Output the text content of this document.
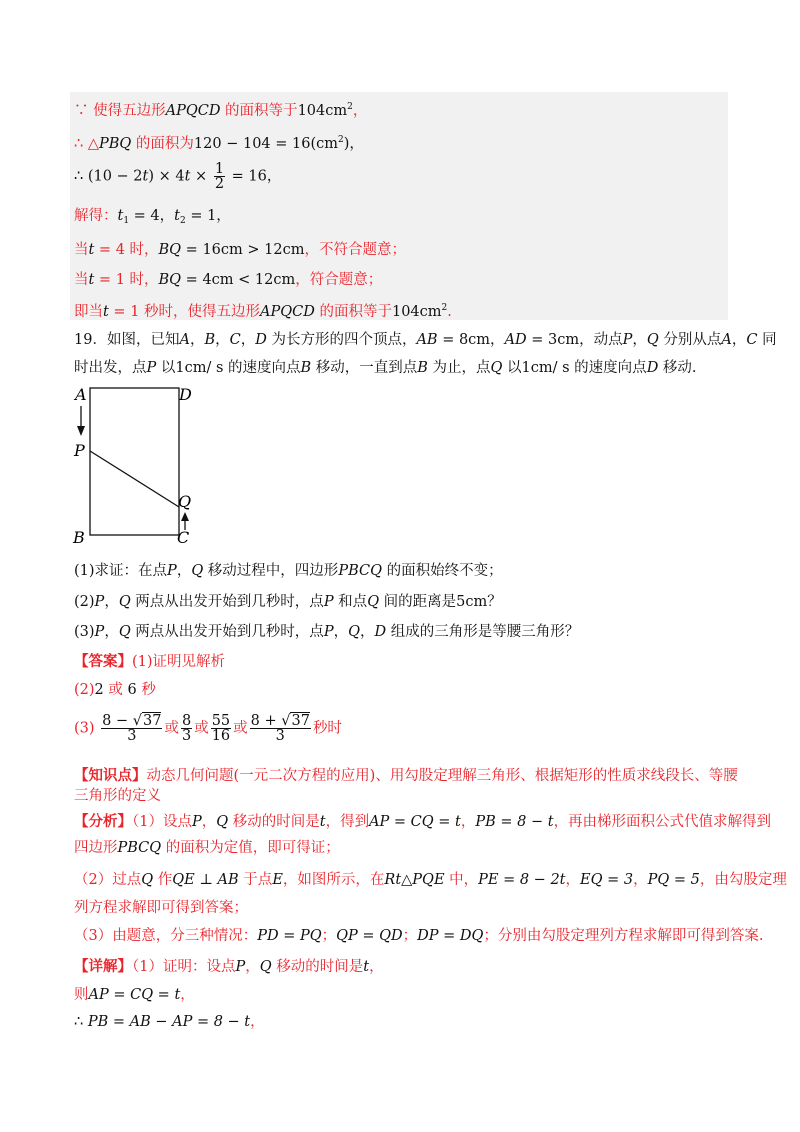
∵ 使得五边形APQCD 的面积等于$104cm^2$，
∴ △PBQ 的面积为$120 - 104 = 16(cm^2)$，
∴ $(10 - 2t) \times 4t \times \frac{1}{2} = 16$，
解得：$t_1 = 4$，$t_2 = 1$，
当t = 4 时，BQ = 16cm > 12cm，不符合题意；
当t = 1 时，BQ = 4cm < 12cm，符合题意；
即当t = 1 秒时，使得五边形APQCD 的面积等于$104cm^2$.
19．如图，已知A，B，C，D 为长方形的四个顶点，AB = 8cm，AD = 3cm，动点P，Q 分别从点A，C 同
时出发，点P 以1cm/ s 的速度向点B 移动，一直到点B 为止，点Q 以1cm/ s 的速度向点D 移动.
A	D
P
Q
B	C
(1)求证：在点P，Q 移动过程中，四边形PBCQ 的面积始终不变；
(2)P，Q 两点从出发开始到几秒时，点P 和点Q 间的距离是5cm？
(3)P，Q 两点从出发开始到几秒时，点P，Q，D 组成的三角形是等腰三角形？
【答案】(1)证明见解析
(2)2 或 6 秒
$(3) \frac{8 - √37}{3}$ 或 $\frac{8}{3}$ 或 $\frac{55}{16}$ 或 $\frac{8 + √37}{3}$ 秒时
【知识点】动态几何问题(一元二次方程的应用)、用勾股定理解三角形、根据矩形的性质求线段长、等腰
三角形的定义
【分析】（1）设点P，Q 移动的时间是t，得到AP = CQ = t，PB = 8 − t，再由梯形面积公式代值求解得到
四边形PBCQ 的面积为定值，即可得证；
（2）过点Q 作QE ⊥ AB 于点E，如图所示，在Rt△PQE 中，PE = 8 − 2t，EQ = 3，PQ = 5，由勾股定理
列方程求解即可得到答案；
（3）由题意，分三种情况：PD = PQ；QP = QD；DP = DQ；分别由勾股定理列方程求解即可得到答案.
【详解】（1）证明：设点P，Q 移动的时间是t，
则AP = CQ = t，
∴ PB = AB − AP = 8 − t，
